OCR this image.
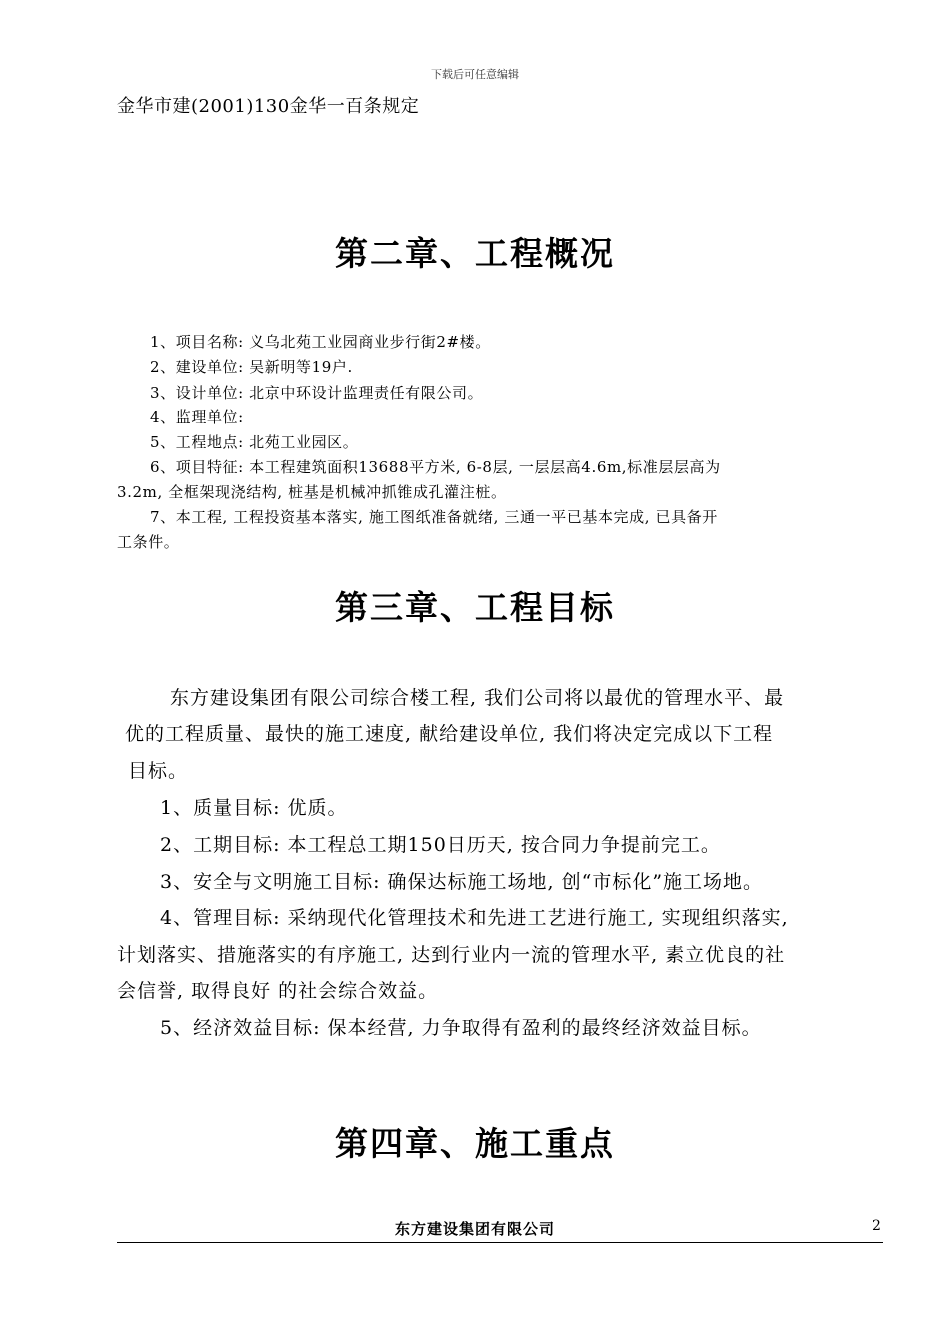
下载后可任意编辑
金华市建(2001)130金华一百条规定
第二章、工程概况
1、项目名称: 义乌北苑工业园商业步行街2#楼。
2、建设单位: 吴新明等19户.
3、设计单位: 北京中环设计监理责任有限公司。
4、监理单位:
5、工程地点: 北苑工业园区。
6、项目特征: 本工程建筑面积13688平方米, 6-8层, 一层层高4.6m,标准层层高为
3.2m, 全框架现浇结构, 桩基是机械冲抓锥成孔灌注桩。
7、本工程, 工程投资基本落实, 施工图纸准备就绪, 三通一平已基本完成, 已具备开
工条件。
第三章、工程目标
东方建设集团有限公司综合楼工程, 我们公司将以最优的管理水平、最
优的工程质量、最快的施工速度, 献给建设单位, 我们将决定完成以下工程
目标。
1、质量目标: 优质。
2、工期目标: 本工程总工期150日历天, 按合同力争提前完工。
3、安全与文明施工目标: 确保达标施工场地, 创“市标化”施工场地。
4、管理目标: 采纳现代化管理技术和先进工艺进行施工, 实现组织落实,
计划落实、措施落实的有序施工, 达到行业内一流的管理水平, 素立优良的社
会信誉, 取得良好 的社会综合效益。
5、经济效益目标: 保本经营, 力争取得有盈利的最终经济效益目标。
第四章、施工重点
东方建设集团有限公司	2
